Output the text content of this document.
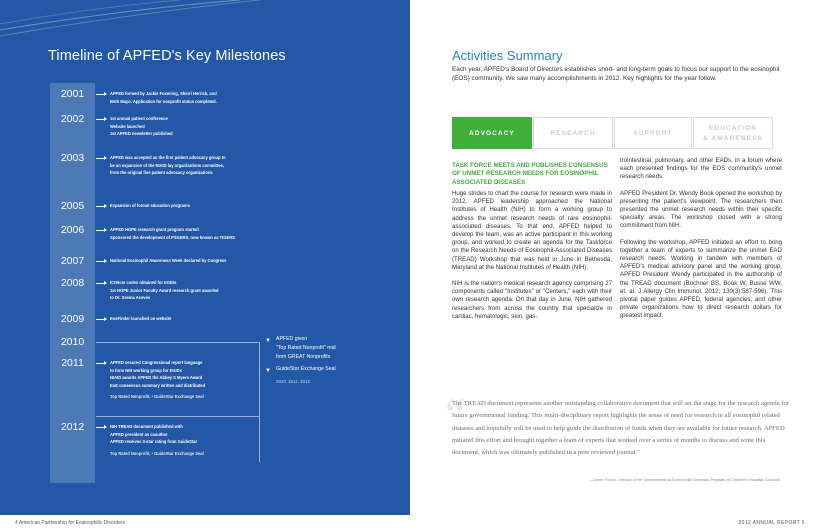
Timeline of APFED's Key Milestones
2001	APFED formed by Jackie Foxening, Sherri Herrick, and
Beth Mayo. Application for nonprofit status completed.
2002	1st annual patient conference
Website launched
1st APFED newsletter published
2003	APFED was accepted as the first patient advocacy group to
be an expansion of the NIAID lay organizations committee,
from the original five patient advocacy organizations
2005	Expansion of formal education programs
2006	APFED HOPE research grant program started
Sponsored the development of PSGERS, now known as TIGERS
2007	National Eosinophil Awareness Week declared by Congress
2008	ICD9cm codes obtained for EGIDs
1st HOPE Junior Faculty Award research grant awarded
to Dr. Seema Aceves
2009	EosFinder launched on website
2010
2011	APFED secured Congressional report language
to form NIH working group for EGIDs
NIAID awards APFED the Abbey S Myers Award
EoE consensus summary written and distributed
Top Rated Nonprofit, • GuideStar Exchange Seal
2012	NIH TREAD document published with
APFED president as coauthor
APFED receives 3-star rating from GuideStar
Top Rated Nonprofit, • GuideStar Exchange Seal
▼ APFED given
"Top Rated Nonprofit" mid
from GREAT Nonprofits
▼ GuideStar Exchange Seal
2010, 2011, 2012
Activities Summary
Each year, APFED's Board of Directors establishes short- and long-term goals to focus our support to the eosinophil (EOS) community. We saw many accomplishments in 2012. Key highlights for the year follow.
ADVOCACY	RESEARCH	SUPPORT
EDUCATION
& AWARENESS
TASK FORCE MEETS AND PUBLISHES CONSENSUS OF UNMET RESEARCH NEEDS FOR EOSINOPHIL ASSOCIATED DISEASES

Huge strides to chart the course for research were made in 2012. APFED leadership approached the National Institutes of Health (NIH) to form a working group to address the unmet research needs of rare eosinophil-associated diseases. To that end, APFED helped to develop the team, was an active participant in this working group, and worked to create an agenda for the Taskforce on the Research Needs of Eosinophil-Associated Diseases (TREAD) Workshop that was held in June in Bethesda, Maryland at the National Institutes of Health (NIH).

NIH is the nation's medical research agency comprising 27 components called "Institutes" or "Centers," each with their own research agenda. On that day in June, NIH gathered researchers from across the country that specialize in cardiac, hematologic, skin, gas-

trointestinal, pulmonary, and other EADs, in a forum where each presented findings for the EOS community's unmet research needs.

APFED President Dr. Wendy Book opened the workshop by presenting the patient's viewpoint. The researchers then presented the unmet research needs within their specific specialty areas. The workshop closed with a strong commitment from NIH.

Following the workshop, APFED initiated an effort to bring together a team of experts to summarize the unmet EAD research needs. Working in tandem with members of APFED's medical advisory panel and the working group, APFED President Wendy participated in the authorship of the TREAD document (Bochner BS, Book W, Busse WW, et. al. J Allergy Clin Immunol. 2012; 130(3):587-596). This pivotal paper guides APFED, federal agencies, and other private organizations how to direct research dollars for greatest impact.

“
The TREAD document represents another outstanding collaborative document that will set the stage for the research agenda for future governmental funding. This multi-disciplinary report highlights the areas of need for research in all eosinophil related diseases and hopefully will be used to help guide the distribution of funds when they are available for future research. APFED initiated this effort and brought together a team of experts that worked over a series of months to discuss and write this document, which was ultimately published in a peer reviewed journal."
—Glenn Furuta, Director of the Gastrointestinal Eosinophilic Diseases Program at Children's Hospital Colorado
4 American Partnership for Eosinophilic Disorders	2012 ANNUAL REPORT 5
